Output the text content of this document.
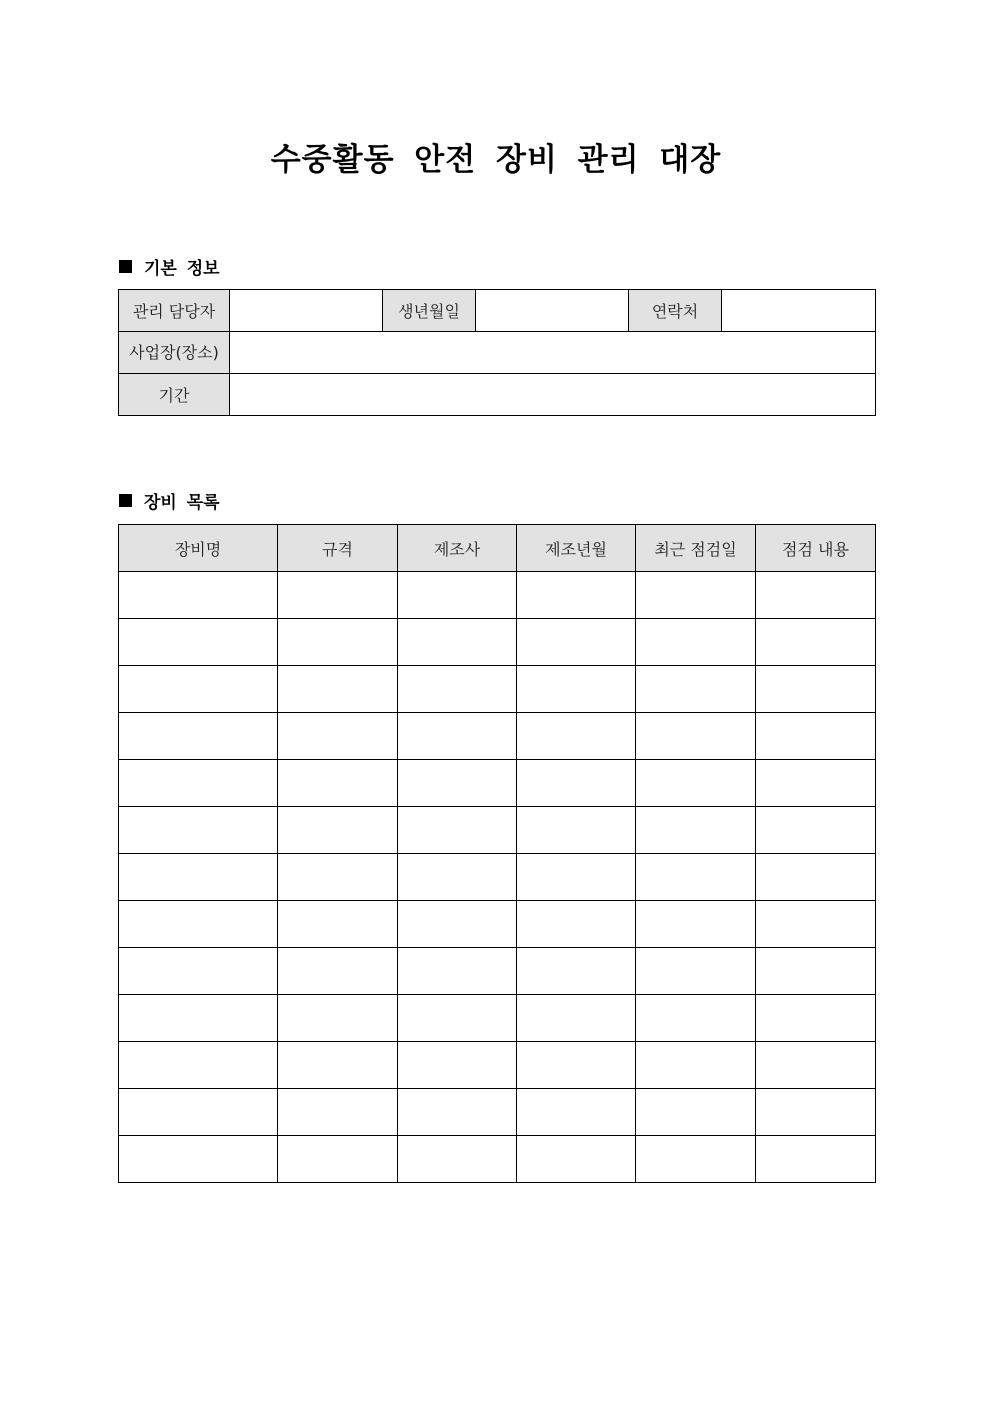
수중활동 안전 장비 관리 대장
기본 정보
관리 담당자		생년월일		연락처	
사업장(장소)					
기간					
장비 목록
장비명	규격	제조사	제조년월	최근 점검일	점검 내용
